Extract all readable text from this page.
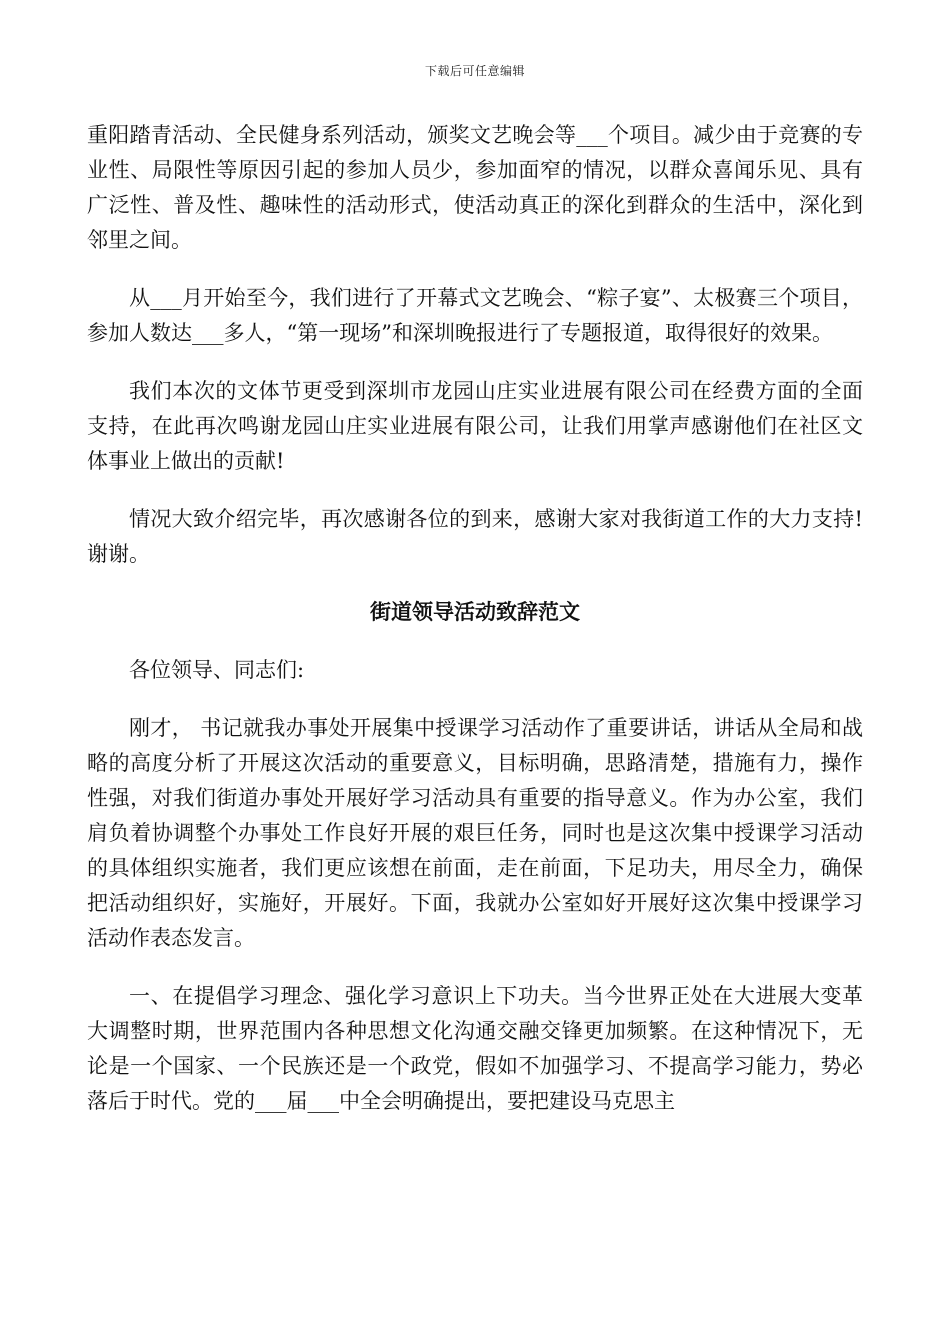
下载后可任意编辑

重阳踏青活动、全民健身系列活动，颁奖文艺晚会等___个项目。减少由于竞赛的专业性、局限性等原因引起的参加人员少，参加面窄的情况，以群众喜闻乐见、具有广泛性、普及性、趣味性的活动形式，使活动真正的深化到群众的生活中，深化到邻里之间。

从___月开始至今，我们进行了开幕式文艺晚会、“粽子宴”、太极赛三个项目，参加人数达___多人，“第一现场”和深圳晚报进行了专题报道，取得很好的效果。

我们本次的文体节更受到深圳市龙园山庄实业进展有限公司在经费方面的全面支持，在此再次鸣谢龙园山庄实业进展有限公司，让我们用掌声感谢他们在社区文体事业上做出的贡献!

情况大致介绍完毕，再次感谢各位的到来，感谢大家对我街道工作的大力支持!谢谢。

街道领导活动致辞范文

各位领导、同志们:

刚才， 书记就我办事处开展集中授课学习活动作了重要讲话，讲话从全局和战略的高度分析了开展这次活动的重要意义，目标明确，思路清楚，措施有力，操作性强，对我们街道办事处开展好学习活动具有重要的指导意义。作为办公室，我们肩负着协调整个办事处工作良好开展的艰巨任务，同时也是这次集中授课学习活动的具体组织实施者，我们更应该想在前面，走在前面，下足功夫，用尽全力，确保把活动组织好，实施好，开展好。下面，我就办公室如好开展好这次集中授课学习活动作表态发言。

一、在提倡学习理念、强化学习意识上下功夫。当今世界正处在大进展大变革大调整时期，世界范围内各种思想文化沟通交融交锋更加频繁。在这种情况下，无论是一个国家、一个民族还是一个政党，假如不加强学习、不提高学习能力，势必落后于时代。党的___届___中全会明确提出，要把建设马克思主
